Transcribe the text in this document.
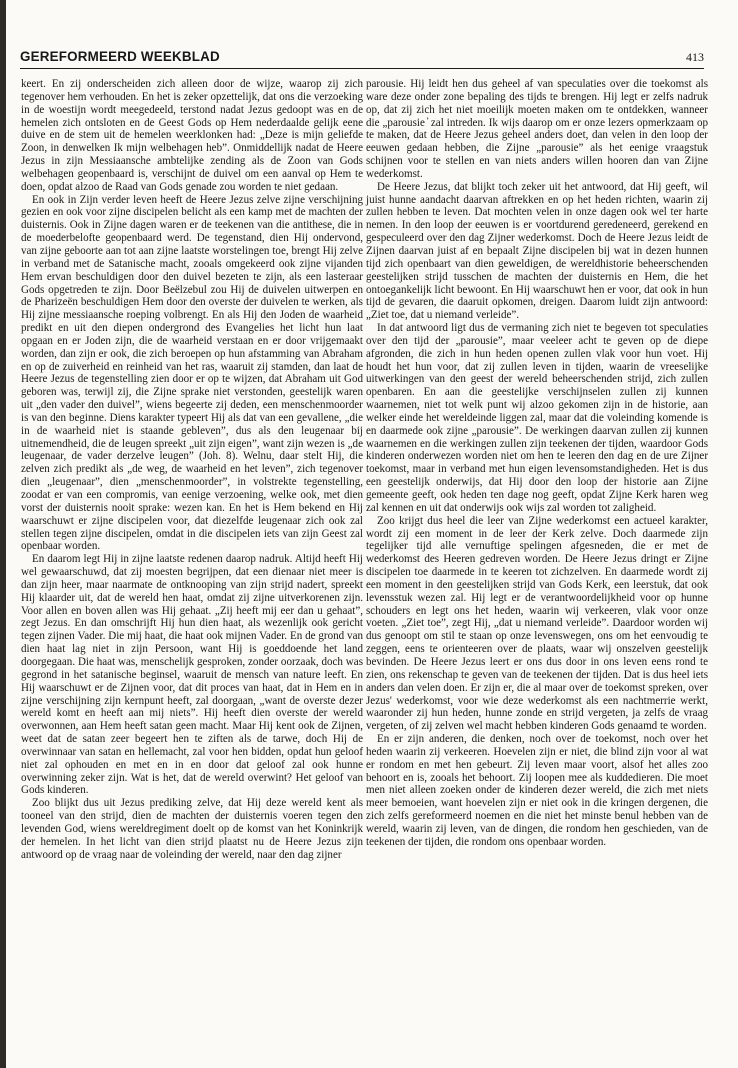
GEREFORMEERD WEEKBLAD	413

keert. En zij onderscheiden zich alleen door de wijze, waarop zij zich tegenover hem verhouden. En het is zeker opzettelijk, dat ons die verzoeking in de woestijn wordt meegedeeld, terstond nadat Jezus gedoopt was en de hemelen zich ontsloten en de Geest Gods op Hem nederdaalde gelijk eene duive en de stem uit de hemelen weerklonken had: „Deze is mijn geliefde Zoon, in denwelken Ik mijn welbehagen heb”. Onmiddellijk nadat de Heere Jezus in zijn Messiaansche ambtelijke zending als de Zoon van Gods welbehagen geopenbaard is, verschijnt de duivel om een aanval op Hem te doen, opdat alzoo de Raad van Gods genade zou worden te niet gedaan.

En ook in Zijn verder leven heeft de Heere Jezus zelve zijne verschijning gezien en ook voor zijne discipelen belicht als een kamp met de machten der duisternis. Ook in Zijne dagen waren er de teekenen van die antithese, die in de moederbelofte geopenbaard werd. De tegenstand, dien Hij ondervond, van zijne geboorte aan tot aan zijne laatste worstelingen toe, brengt Hij zelve in verband met de Satanische macht, zooals omgekeerd ook zijne vijanden Hem ervan beschuldigen door den duivel bezeten te zijn, als een lasteraar Gods opgetreden te zijn. Door Beëlzebul zou Hij de duivelen uitwerpen en de Pharizeën beschuldigen Hem door den overste der duivelen te werken, als Hij zijne messiaansche roeping volbrengt. En als Hij den Joden de waarheid predikt en uit den diepen ondergrond des Evangelies het licht hun laat opgaan en er Joden zijn, die de waarheid verstaan en er door vrijgemaakt worden, dan zijn er ook, die zich beroepen op hun afstamming van Abraham en op de zuiverheid en reinheid van het ras, waaruit zij stamden, dan laat de Heere Jezus de tegenstelling zien door er op te wijzen, dat Abraham uit God geboren was, terwijl zij, die Zijne sprake niet verstonden, geestelijk waren uit „den vader den duivel”, wiens begeerte zij deden, een menschenmoorder is van den beginne. Diens karakter typeert Hij als dat van een gevallene, „die in de waarheid niet is staande gebleven”, dus als den leugenaar bij uitnemendheid, die de leugen spreekt „uit zijn eigen”, want zijn wezen is „de leugenaar, de vader derzelve leugen” (Joh. 8). Welnu, daar stelt Hij, die zelven zich predikt als „de weg, de waarheid en het leven”, zich tegenover dien „leugenaar”, dien „menschenmoorder”, in volstrekte tegenstelling, zoodat er van een compromis, van eenige verzoening, welke ook, met dien vorst der duisternis nooit sprake: wezen kan. En het is Hem bekend en Hij waarschuwt er zijne discipelen voor, dat diezelfde leugenaar zich ook zal stellen tegen zijne discipelen, omdat in die discipelen iets van zijn Geest zal openbaar worden.

En daarom legt Hij in zijne laatste redenen daarop nadruk. Altijd heeft Hij wel gewaarschuwd, dat zij moesten begrijpen, dat een dienaar niet meer is dan zijn heer, maar naarmate de ontknooping van zijn strijd nadert, spreekt Hij klaarder uit, dat de wereld hen haat, omdat zij zijne uitverkorenen zijn. Voor allen en boven allen was Hij gehaat. „Zij heeft mij eer dan u gehaat”, zegt Jezus. En dan omschrijft Hij hun dien haat, als wezenlijk ook gericht tegen zijnen Vader. Die mij haat, die haat ook mijnen Vader. En de grond van dien haat lag niet in zijn Persoon, want Hij is goeddoende het land doorgegaan. Die haat was, menschelijk gesproken, zonder oorzaak, doch was gegrond in het satanische beginsel, waaruit de mensch van nature leeft. En Hij waarschuwt er de Zijnen voor, dat dit proces van haat, dat in Hem en in zijne verschijning zijn kernpunt heeft, zal doorgaan, „want de overste dezer wereld komt en heeft aan mij niets”. Hij heeft dien overste der wereld overwonnen, aan Hem heeft satan geen macht. Maar Hij kent ook de Zijnen, weet dat de satan zeer begeert hen te ziften als de tarwe, doch Hij de overwinnaar van satan en hellemacht, zal voor hen bidden, opdat hun geloof niet zal ophouden en met en in en door dat geloof zal ook hunne overwinning zeker zijn. Wat is het, dat de wereld overwint? Het geloof van Gods kinderen.

Zoo blijkt dus uit Jezus prediking zelve, dat Hij deze wereld kent als tooneel van den strijd, dien de machten der duisternis voeren tegen den levenden God, wiens wereldregiment doelt op de komst van het Koninkrijk der hemelen. In het licht van dien strijd plaatst nu de Heere Jezus zijn antwoord op de vraag naar de voleinding der wereld, naar den dag zijner

parousie. Hij leidt hen dus geheel af van speculaties over die toekomst als ware deze onder zone bepaling des tijds te brengen. Hij legt er zelfs nadruk op, dat zij zich het niet moeilijk moeten maken om te ontdekken, wanneer die „parousie ̓ zal intreden. Ik wijs daarop om er onze lezers opmerkzaam op te maken, dat de Heere Jezus geheel anders doet, dan velen in den loop der eeuwen gedaan hebben, die Zijne „parousie” als het eenige vraagstuk schijnen voor te stellen en van niets anders willen hooren dan van Zijne wederkomst.

De Heere Jezus, dat blijkt toch zeker uit het antwoord, dat Hij geeft, wil juist hunne aandacht daarvan aftrekken en op het heden richten, waarin zij zullen hebben te leven. Dat mochten velen in onze dagen ook wel ter harte nemen. In den loop der eeuwen is er voortdurend geredeneerd, gerekend en gespeculeerd over den dag Zijner wederkomst. Doch de Heere Jezus leidt de Zijnen daarvan juist af en bepaalt Zijne discipelen bij wat in dezen hunnen tijd zich openbaart van dien geweldigen, de wereldhistorie beheerschenden geestelijken strijd tusschen de machten der duisternis en Hem, die het ontoegankelijk licht bewoont. En Hij waarschuwt hen er voor, dat ook in hun tijd de gevaren, die daaruit opkomen, dreigen. Daarom luidt zijn antwoord: „Ziet toe, dat u niemand verleide”.

In dat antwoord ligt dus de vermaning zich niet te begeven tot speculaties over den tijd der „parousie”, maar veeleer acht te geven op de diepe afgronden, die zich in hun heden openen zullen vlak voor hun voet. Hij houdt het hun voor, dat zij zullen leven in tijden, waarin de vreeselijke uitwerkingen van den geest der wereld beheerschenden strijd, zich zullen openbaren. En aan die geestelijke verschijnselen zullen zij kunnen waarnemen, niet tot welk punt wij alzoo gekomen zijn in de historie, aan welker einde het wereldeinde liggen zal, maar dat die voleinding komende is en daarmede ook zijne „parousie”. De werkingen daarvan zullen zij kunnen waarnemen en die werkingen zullen zijn teekenen der tijden, waardoor Gods kinderen onderwezen worden niet om hen te leeren den dag en de ure Zijner toekomst, maar in verband met hun eigen levensomstandigheden. Het is dus een geestelijk onderwijs, dat Hij door den loop der historie aan Zijne gemeente geeft, ook heden ten dage nog geeft, opdat Zijne Kerk haren weg zal kennen en uit dat onderwijs ook wijs zal worden tot zaligheid.

Zoo krijgt dus heel die leer van Zijne wederkomst een actueel karakter, wordt zij een moment in de leer der Kerk zelve. Doch daarmede zijn tegelijker tijd alle vernuftige spelingen afgesneden, die er met de wederkomst des Heeren gedreven worden. De Heere Jezus dringt er Zijne discipelen toe daarmede in te keeren tot zichzelven. En daarmede wordt zij een moment in den geestelijken strijd van Gods Kerk, een leerstuk, dat ook levensstuk wezen zal. Hij legt er de verantwoordelijkheid voor op hunne schouders en legt ons het heden, waarin wij verkeeren, vlak voor onze voeten. „Ziet toe”, zegt Hij, „dat u niemand verleide”. Daardoor worden wij dus genoopt om stil te staan op onze levenswegen, ons om het eenvoudig te zeggen, eens te orienteeren over de plaats, waar wij onszelven geestelijk bevinden. De Heere Jezus leert er ons dus door in ons leven eens rond te zien, ons rekenschap te geven van de teekenen der tijden. Dat is dus heel iets anders dan velen doen. Er zijn er, die al maar over de toekomst spreken, over Jezus' wederkomst, voor wie deze wederkomst als een nachtmerrie werkt, waaronder zij hun heden, hunne zonde en strijd vergeten, ja zelfs de vraag vergeten, of zij zelven wel macht hebben kinderen Gods genaamd te worden.

En er zijn anderen, die denken, noch over de toekomst, noch over het heden waarin zij verkeeren. Hoevelen zijn er niet, die blind zijn voor al wat er rondom en met hen gebeurt. Zij leven maar voort, alsof het alles zoo behoort en is, zooals het behoort. Zij loopen mee als kuddedieren. Die moet men niet alleen zoeken onder de kinderen dezer wereld, die zich met niets meer bemoeien, want hoevelen zijn er niet ook in die kringen dergenen, die zich zelfs gereformeerd noemen en die niet het minste benul hebben van de wereld, waarin zij leven, van de dingen, die rondom hen geschieden, van de teekenen der tijden, die rondom ons openbaar worden.
